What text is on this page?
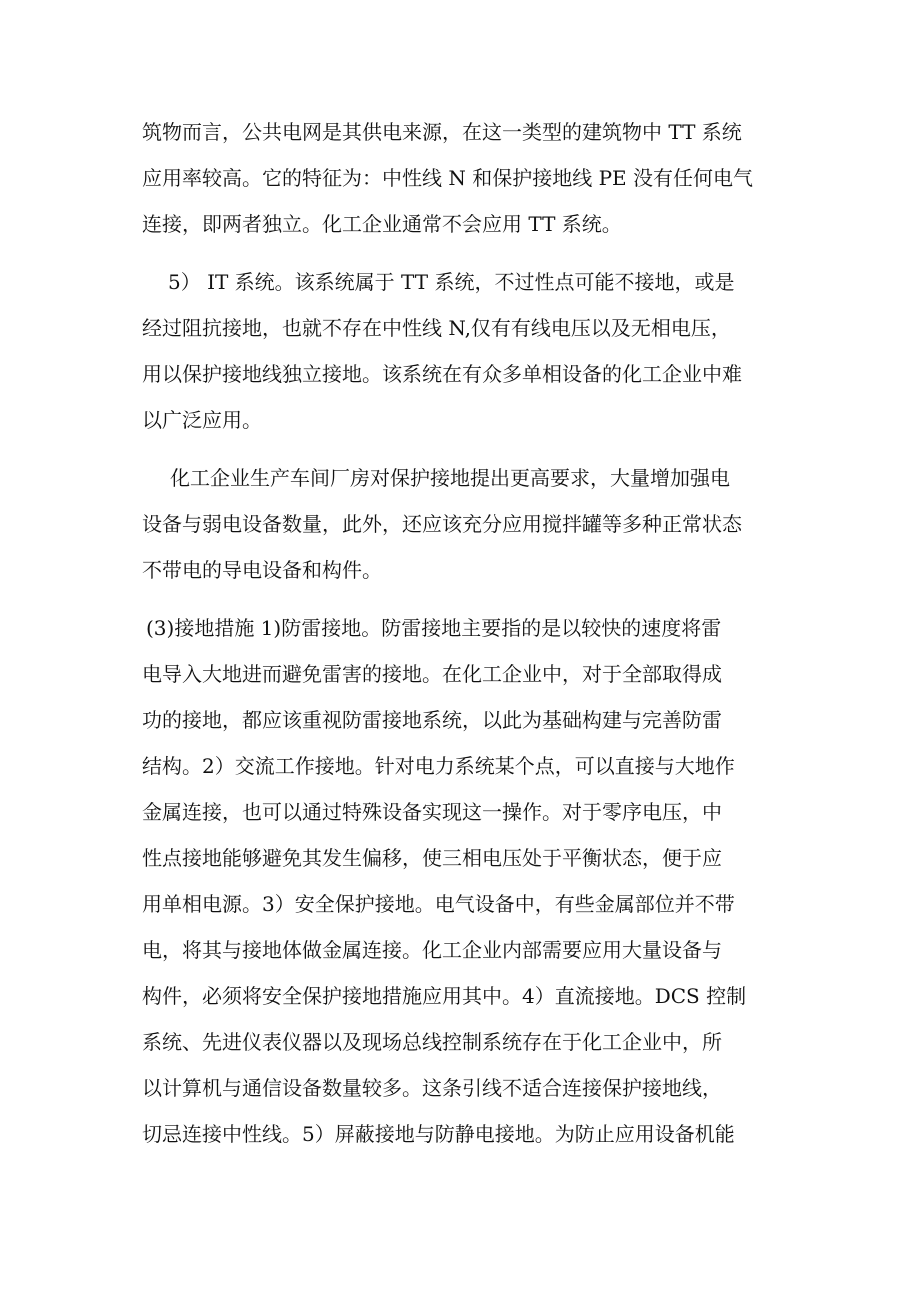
筑物而言，公共电网是其供电来源，在这一类型的建筑物中 TT 系统
应用率较高。它的特征为：中性线 N 和保护接地线 PE 没有任何电气
连接，即两者独立。化工企业通常不会应用 TT 系统。
5） IT 系统。该系统属于 TT 系统，不过性点可能不接地，或是
经过阻抗接地，也就不存在中性线 N,仅有有线电压以及无相电压，
用以保护接地线独立接地。该系统在有众多单相设备的化工企业中难
以广泛应用。
化工企业生产车间厂房对保护接地提出更高要求，大量增加强电
设备与弱电设备数量，此外，还应该充分应用搅拌罐等多种正常状态
不带电的导电设备和构件。
(3)接地措施 1)防雷接地。防雷接地主要指的是以较快的速度将雷
电导入大地进而避免雷害的接地。在化工企业中，对于全部取得成
功的接地，都应该重视防雷接地系统，以此为基础构建与完善防雷
结构。2）交流工作接地。针对电力系统某个点，可以直接与大地作
金属连接，也可以通过特殊设备实现这一操作。对于零序电压，中
性点接地能够避免其发生偏移，使三相电压处于平衡状态，便于应
用单相电源。3）安全保护接地。电气设备中，有些金属部位并不带
电，将其与接地体做金属连接。化工企业内部需要应用大量设备与
构件，必须将安全保护接地措施应用其中。4）直流接地。DCS 控制
系统、先进仪表仪器以及现场总线控制系统存在于化工企业中，所
以计算机与通信设备数量较多。这条引线不适合连接保护接地线，
切忌连接中性线。5）屏蔽接地与防静电接地。为防止应用设备机能
